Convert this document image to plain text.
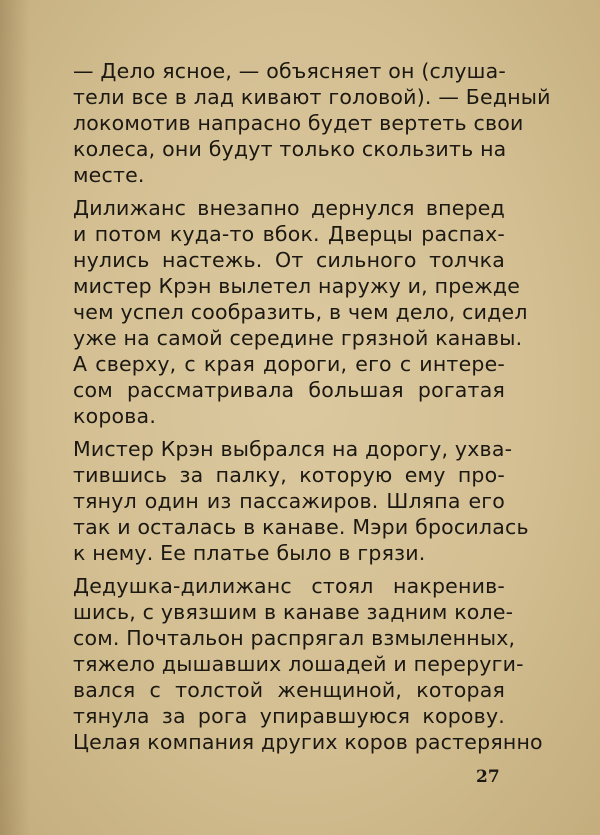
— Дело ясное, — объясняет он (слуша-
тели все в лад кивают головой). — Бедный
локомотив напрасно будет вертеть свои
колеса, они будут только скользить на
месте.
Дилижанс внезапно дернулся вперед
и потом куда-то вбок. Дверцы распах-
нулись настежь. От сильного толчка
мистер Крэн вылетел наружу и, прежде
чем успел сообразить, в чем дело, сидел
уже на самой середине грязной канавы.
А сверху, с края дороги, его с интере-
сом рассматривала большая рогатая
корова.
Мистер Крэн выбрался на дорогу, ухва-
тившись за палку, которую ему про-
тянул один из пассажиров. Шляпа его
так и осталась в канаве. Мэри бросилась
к нему. Ее платье было в грязи.
Дедушка-дилижанс стоял накренив-
шись, с увязшим в канаве задним коле-
сом. Почтальон распрягал взмыленных,
тяжело дышавших лошадей и переруги-
вался с толстой женщиной, которая
тянула за рога упиравшуюся корову.
Целая компания других коров растерянно
27
